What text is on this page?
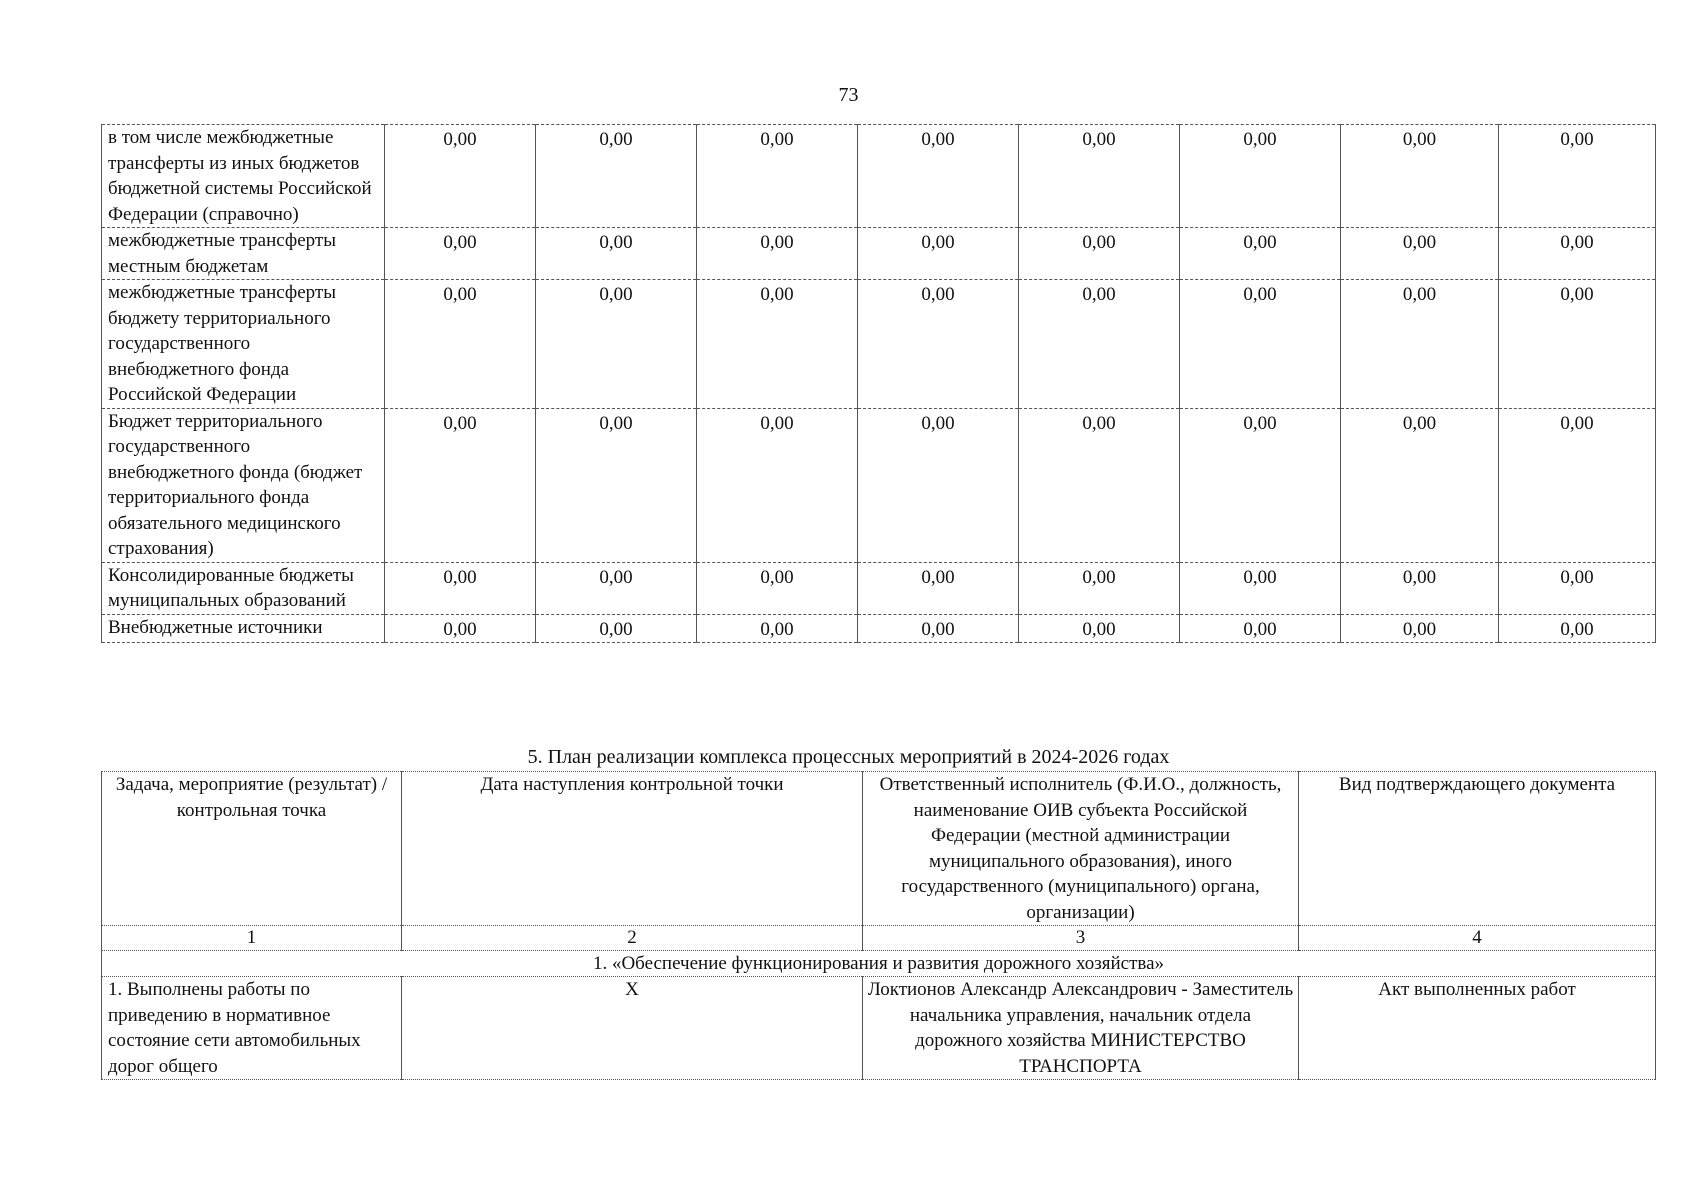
73
в том числе межбюджетные трансферты из иных бюджетов бюджетной системы Российской Федерации (справочно)	0,00	0,00	0,00	0,00	0,00	0,00	0,00	0,00
межбюджетные трансферты местным бюджетам	0,00	0,00	0,00	0,00	0,00	0,00	0,00	0,00
межбюджетные трансферты бюджету территориального государственного внебюджетного фонда Российской Федерации	0,00	0,00	0,00	0,00	0,00	0,00	0,00	0,00
Бюджет территориального государственного внебюджетного фонда (бюджет территориального фонда обязательного медицинского страхования)	0,00	0,00	0,00	0,00	0,00	0,00	0,00	0,00
Консолидированные бюджеты муниципальных образований	0,00	0,00	0,00	0,00	0,00	0,00	0,00	0,00
Внебюджетные источники	0,00	0,00	0,00	0,00	0,00	0,00	0,00	0,00
5. План реализации комплекса процессных мероприятий в 2024-2026 годах
Задача, мероприятие (результат) / контрольная точка	Дата наступления контрольной точки	Ответственный исполнитель (Ф.И.О., должность, наименование ОИВ субъекта Российской Федерации (местной администрации муниципального образования), иного государственного (муниципального) органа, организации)	Вид подтверждающего документа
1	2	3	4
1. «Обеспечение функционирования и развития дорожного хозяйства»			
1. Выполнены работы по приведению в нормативное состояние сети автомобильных дорог общего	X	Локтионов Александр Александрович - Заместитель начальника управления, начальник отдела дорожного хозяйства МИНИСТЕРСТВО ТРАНСПОРТА	Акт выполненных работ
